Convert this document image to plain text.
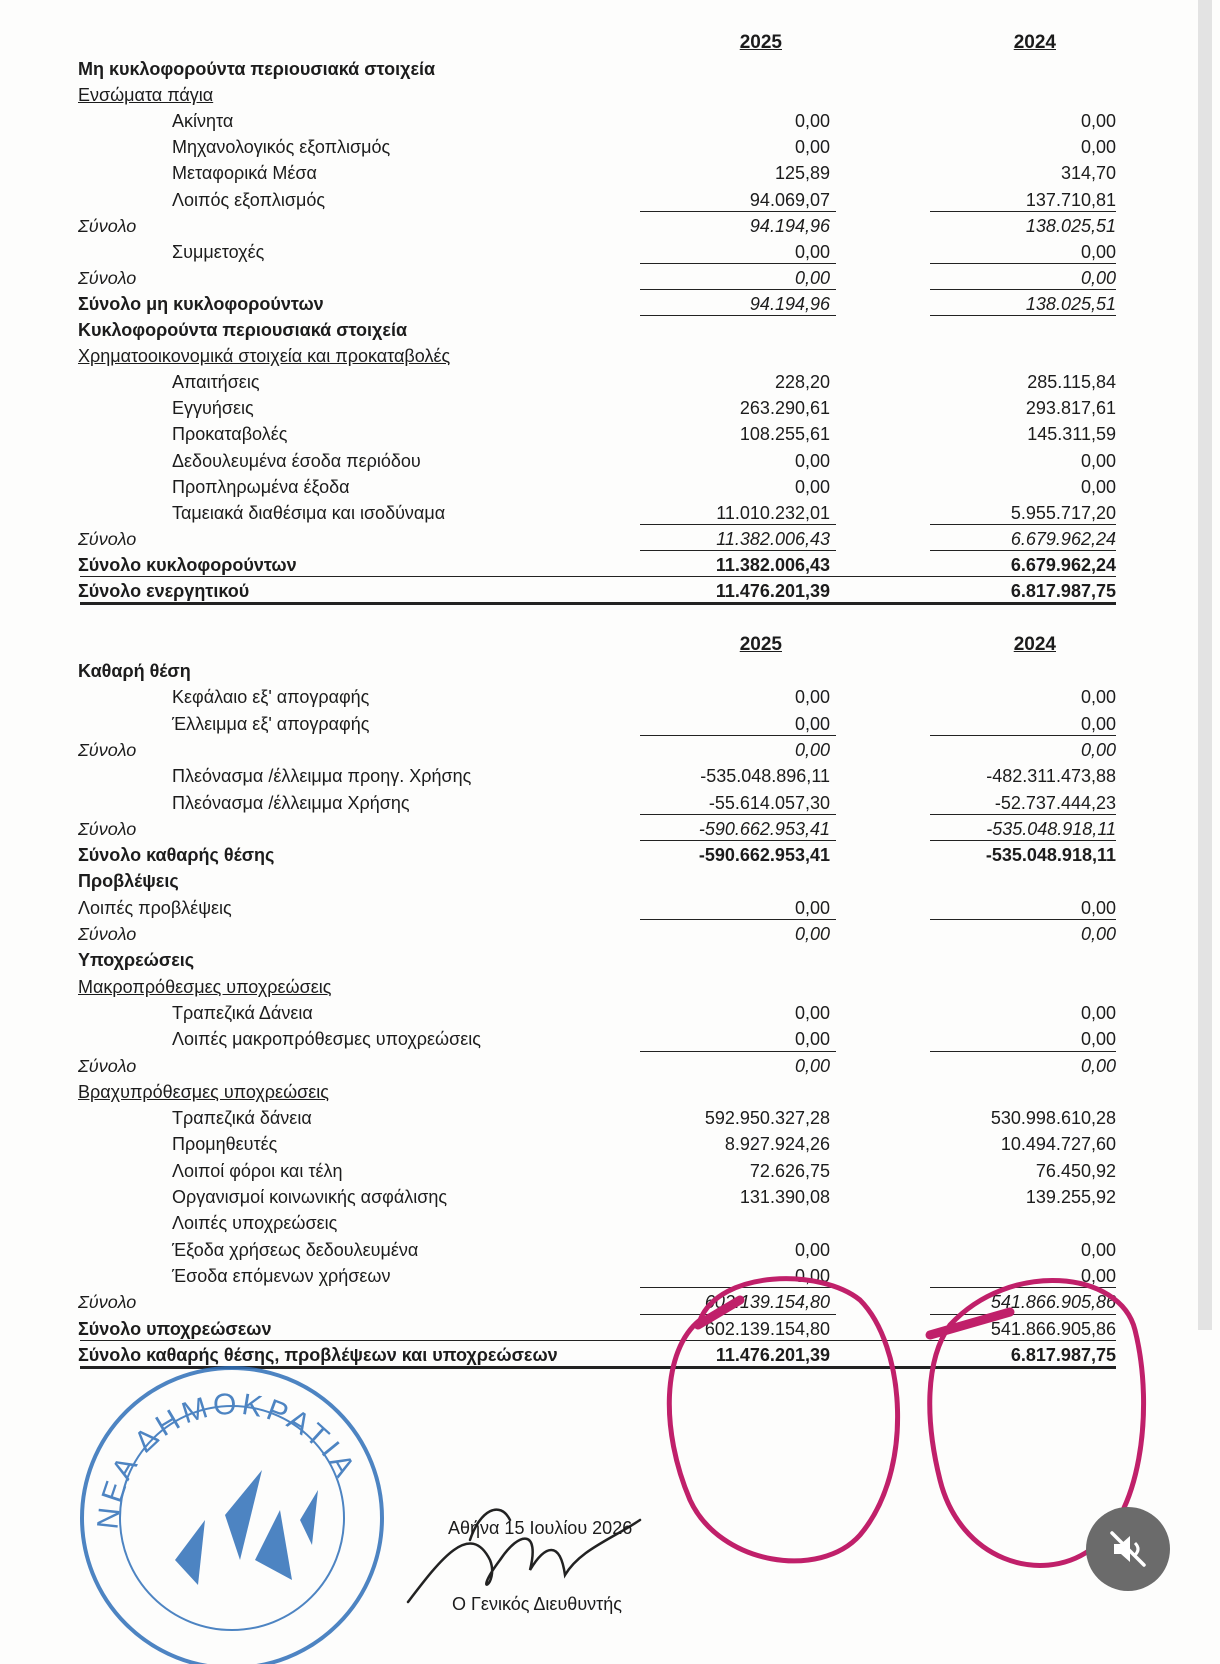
2025	2024
Μη κυκλοφορούντα περιουσιακά στοιχεία
Ενσώματα πάγια
Ακίνητα	0,00	0,00
Μηχανολογικός εξοπλισμός	0,00	0,00
Μεταφορικά Μέσα	125,89	314,70
Λοιπός εξοπλισμός	94.069,07	137.710,81
Σύνολο	94.194,96	138.025,51
Συμμετοχές	0,00	0,00
Σύνολο	0,00	0,00
Σύνολο μη κυκλοφορούντων	94.194,96	138.025,51
Κυκλοφορούντα περιουσιακά στοιχεία
Χρηματοοικονομικά στοιχεία και προκαταβολές
Απαιτήσεις	228,20	285.115,84
Εγγυήσεις	263.290,61	293.817,61
Προκαταβολές	108.255,61	145.311,59
Δεδουλευμένα έσοδα περιόδου	0,00	0,00
Προπληρωμένα έξοδα	0,00	0,00
Ταμειακά διαθέσιμα και ισοδύναμα	11.010.232,01	5.955.717,20
Σύνολο	11.382.006,43	6.679.962,24
Σύνολο κυκλοφορούντων	11.382.006,43	6.679.962,24
Σύνολο ενεργητικού	11.476.201,39	6.817.987,75
2025	2024
Καθαρή θέση
Κεφάλαιο εξ' απογραφής	0,00	0,00
Έλλειμμα εξ' απογραφής	0,00	0,00
Σύνολο	0,00	0,00
Πλεόνασμα /έλλειμμα προηγ. Χρήσης	-535.048.896,11	-482.311.473,88
Πλεόνασμα /έλλειμμα Χρήσης	-55.614.057,30	-52.737.444,23
Σύνολο	-590.662.953,41	-535.048.918,11
Σύνολο καθαρής θέσης	-590.662.953,41	-535.048.918,11
Προβλέψεις
Λοιπές προβλέψεις	0,00	0,00
Σύνολο	0,00	0,00
Υποχρεώσεις
Μακροπρόθεσμες υποχρεώσεις
Τραπεζικά Δάνεια	0,00	0,00
Λοιπές μακροπρόθεσμες υποχρεώσεις	0,00	0,00
Σύνολο	0,00	0,00
Βραχυπρόθεσμες υποχρεώσεις
Τραπεζικά δάνεια	592.950.327,28	530.998.610,28
Προμηθευτές	8.927.924,26	10.494.727,60
Λοιποί φόροι και τέλη	72.626,75	76.450,92
Οργανισμοί κοινωνικής ασφάλισης	131.390,08	139.255,92
Λοιπές υποχρεώσεις
Έξοδα χρήσεως δεδουλευμένα	0,00	0,00
Έσοδα επόμενων χρήσεων	0,00	0,00
Σύνολο	602.139.154,80	541.866.905,86
Σύνολο υποχρεώσεων	602.139.154,80	541.866.905,86
Σύνολο καθαρής θέσης, προβλέψεων και υποχρεώσεων	11.476.201,39	6.817.987,75
ΝΕΑ ΔΗΜΟΚΡΑΤΙΑ
Αθήνα 15 Ιουλίου 2026
Ο Γενικός Διευθυντής
